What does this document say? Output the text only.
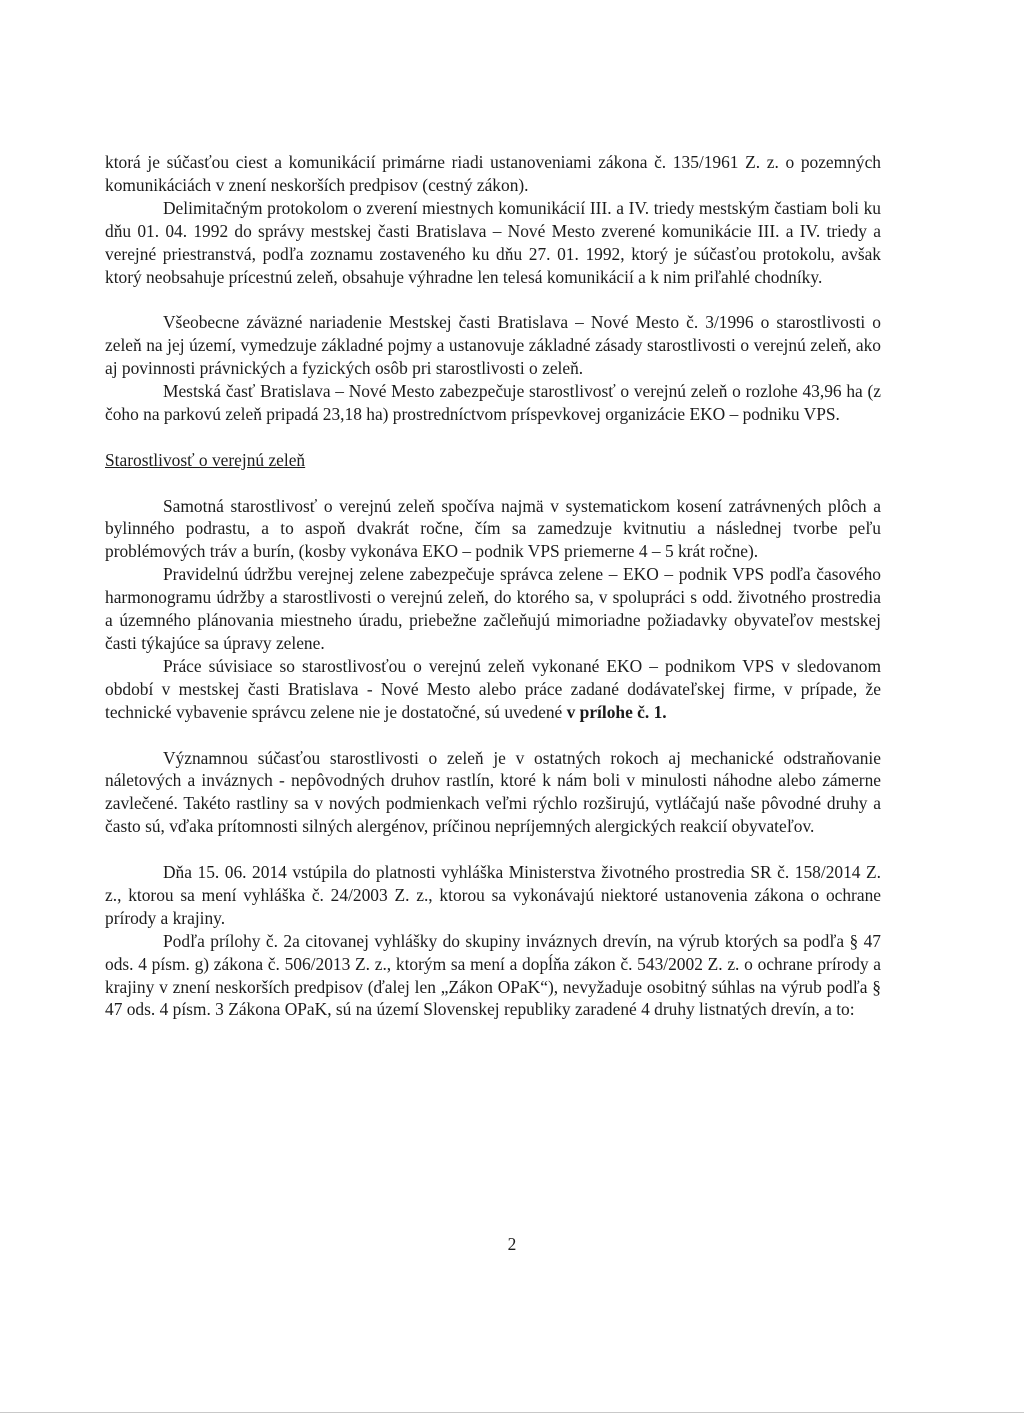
ktorá je súčasťou ciest a komunikácií primárne riadi ustanoveniami zákona č. 135/1961 Z. z. o pozemných komunikáciách v znení neskorších predpisov (cestný zákon).

Delimitačným protokolom o zverení miestnych komunikácií III. a IV. triedy mestským častiam boli ku dňu 01. 04. 1992 do správy mestskej časti Bratislava – Nové Mesto zverené komunikácie III. a IV. triedy a verejné priestranstvá, podľa zoznamu zostaveného ku dňu 27. 01. 1992, ktorý je súčasťou protokolu, avšak ktorý neobsahuje prícestnú zeleň, obsahuje výhradne len telesá komunikácií a k nim priľahlé chodníky.

Všeobecne záväzné nariadenie Mestskej časti Bratislava – Nové Mesto č. 3/1996 o starostlivosti o zeleň na jej území, vymedzuje základné pojmy a ustanovuje základné zásady starostlivosti o verejnú zeleň, ako aj povinnosti právnických a fyzických osôb pri starostlivosti o zeleň.

Mestská časť Bratislava – Nové Mesto zabezpečuje starostlivosť o verejnú zeleň o rozlohe 43,96 ha (z čoho na parkovú zeleň pripadá 23,18 ha) prostredníctvom príspevkovej organizácie EKO – podniku VPS.

Starostlivosť o verejnú zeleň

Samotná starostlivosť o verejnú zeleň spočíva najmä v systematickom kosení zatrávnených plôch a bylinného podrastu, a to aspoň dvakrát ročne, čím sa zamedzuje kvitnutiu a následnej tvorbe peľu problémových tráv a burín, (kosby vykonáva EKO – podnik VPS priemerne 4 – 5 krát ročne).

Pravidelnú údržbu verejnej zelene zabezpečuje správca zelene – EKO – podnik VPS podľa časového harmonogramu údržby a starostlivosti o verejnú zeleň, do ktorého sa, v spolupráci s odd. životného prostredia a územného plánovania miestneho úradu, priebežne začleňujú mimoriadne požiadavky obyvateľov mestskej časti týkajúce sa úpravy zelene.

Práce súvisiace so starostlivosťou o verejnú zeleň vykonané EKO – podnikom VPS v sledovanom období v mestskej časti Bratislava - Nové Mesto alebo práce zadané dodávateľskej firme, v prípade, že technické vybavenie správcu zelene nie je dostatočné, sú uvedené v prílohe č. 1.

Významnou súčasťou starostlivosti o zeleň je v ostatných rokoch aj mechanické odstraňovanie náletových a inváznych - nepôvodných druhov rastlín, ktoré k nám boli v minulosti náhodne alebo zámerne zavlečené. Takéto rastliny sa v nových podmienkach veľmi rýchlo rozširujú, vytláčajú naše pôvodné druhy a často sú, vďaka prítomnosti silných alergénov, príčinou nepríjemných alergických reakcií obyvateľov.

Dňa 15. 06. 2014 vstúpila do platnosti vyhláška Ministerstva životného prostredia SR č. 158/2014 Z. z., ktorou sa mení vyhláška č. 24/2003 Z. z., ktorou sa vykonávajú niektoré ustanovenia zákona o ochrane prírody a krajiny.

Podľa prílohy č. 2a citovanej vyhlášky do skupiny inváznych drevín, na výrub ktorých sa podľa § 47 ods. 4 písm. g) zákona č. 506/2013 Z. z., ktorým sa mení a dopĺňa zákon č. 543/2002 Z. z. o ochrane prírody a krajiny v znení neskorších predpisov (ďalej len „Zákon OPaK“), nevyžaduje osobitný súhlas na výrub podľa § 47 ods. 4 písm. 3 Zákona OPaK, sú na území Slovenskej republiky zaradené 4 druhy listnatých drevín, a to:

2
